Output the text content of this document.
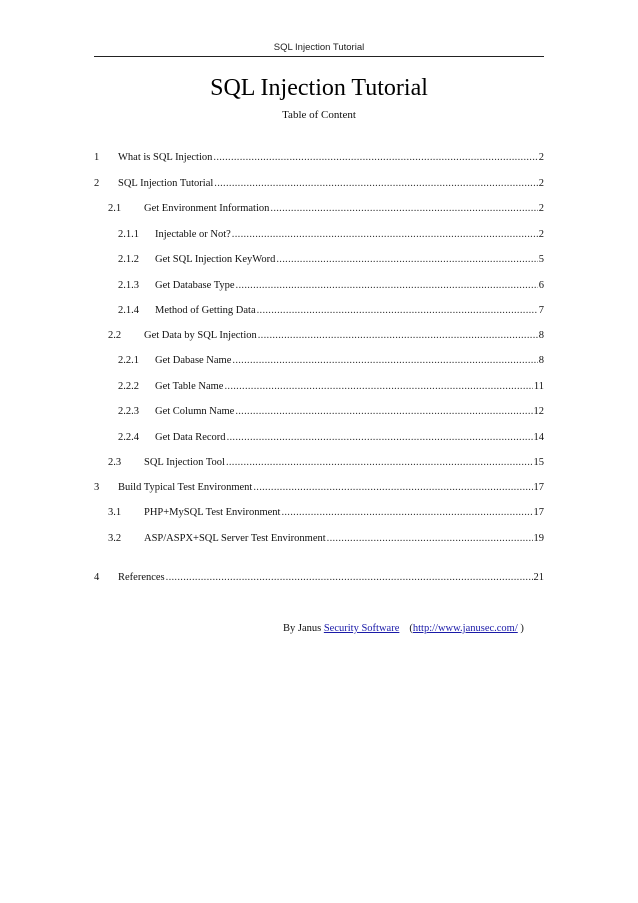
SQL Injection Tutorial
SQL Injection Tutorial
Table of Content
1	What is SQL Injection .....	2
2	SQL Injection Tutorial .....	2
2.1	Get Environment Information .....	2
2.1.1	Injectable or Not? .....	2
2.1.2	Get SQL Injection KeyWord .....	5
2.1.3	Get Database Type .....	6
2.1.4	Method of Getting Data .....	7
2.2	Get Data by SQL Injection .....	8
2.2.1	Get Dabase Name .....	8
2.2.2	Get Table Name .....	11
2.2.3	Get Column Name .....	12
2.2.4	Get Data Record .....	14
2.3	SQL Injection Tool .....	15
3	Build Typical Test Environment .....	17
3.1	PHP+MySQL Test Environment .....	17
3.2	ASP/ASPX+SQL Server Test Environment .....	19
4	References .....	21
By Janus Security Software (http://www.janusec.com/ )
